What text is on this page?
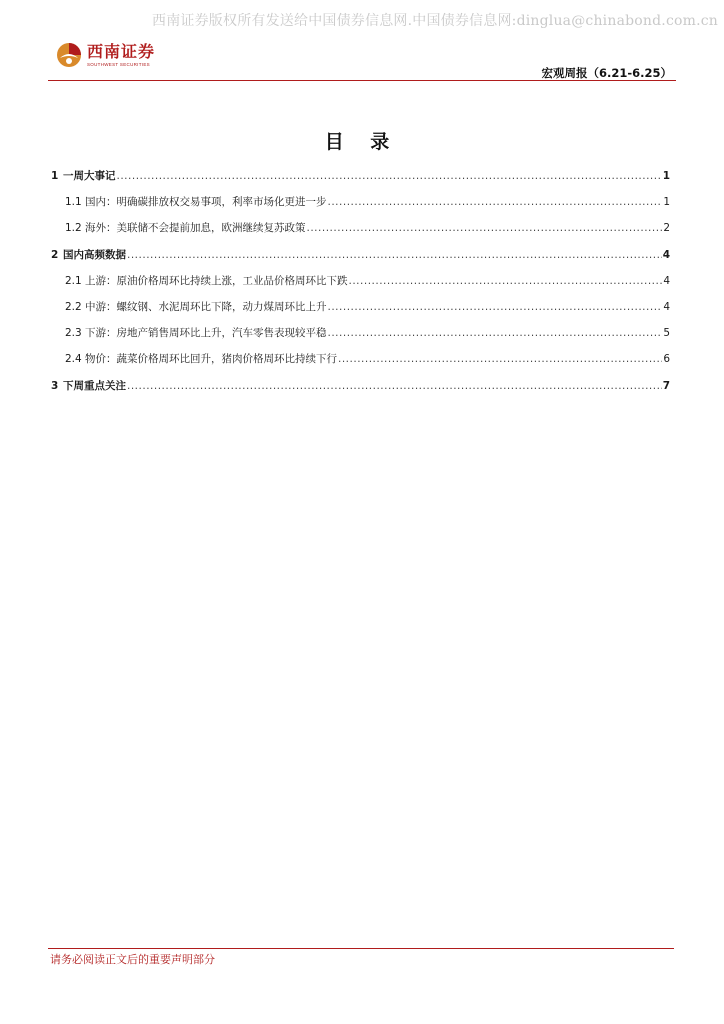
西南证券版权所有发送给中国债券信息网.中国债券信息网:dinglua@chinabond.com.cn
西南证券
SOUTHWEST SECURITIES
宏观周报（6.21-6.25）
目 录
1 一周大事记 .....	1
1.1 国内：明确碳排放权交易事项，利率市场化更进一步 .....	1
1.2 海外：美联储不会提前加息，欧洲继续复苏政策 .....	2
2 国内高频数据 .....	4
2.1 上游：原油价格周环比持续上涨，工业品价格周环比下跌 .....	4
2.2 中游：螺纹钢、水泥周环比下降，动力煤周环比上升 .....	4
2.3 下游：房地产销售周环比上升，汽车零售表现较平稳 .....	5
2.4 物价：蔬菜价格周环比回升，猪肉价格周环比持续下行 .....	6
3 下周重点关注 .....	7
请务必阅读正文后的重要声明部分
